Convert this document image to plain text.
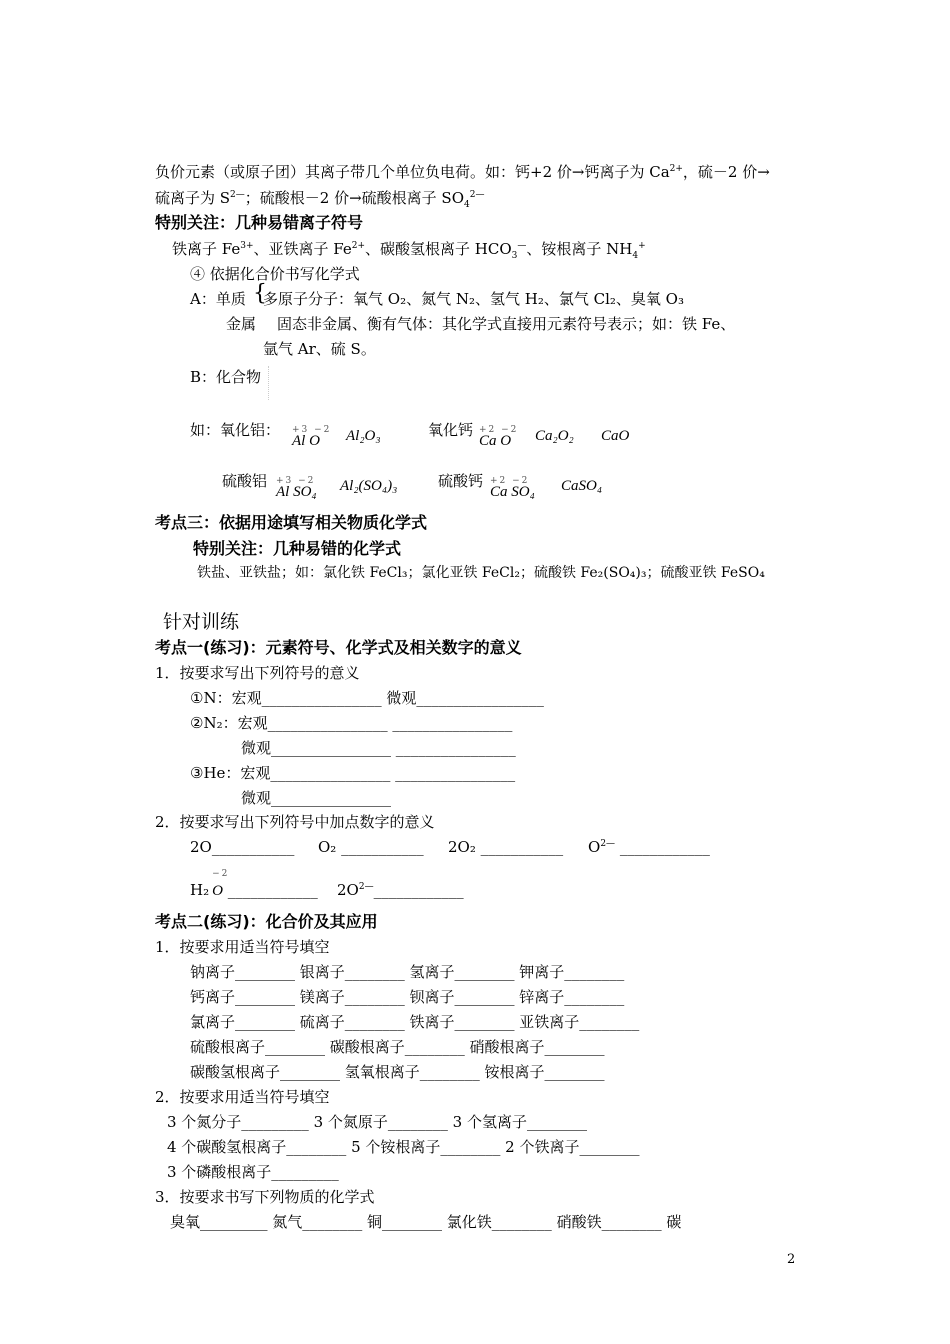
负价元素（或原子团）其离子带几个单位负电荷。如：钙+2 价→钙离子为 $Ca^{2+}$，硫－2 价→
硫离子为 $S^{2—}$；硫酸根－2 价→硫酸根离子 $SO_4^{2—}$
特别关注：几种易错离子符号
铁离子 $Fe^{3+}$、亚铁离子 $Fe^{2+}$、碳酸氢根离子 $HCO_3^—$、铵根离子 $NH_4^+$
④ 依据化合价书写化学式
A：单质 {
多原子分子：氧气 O₂、氮气 N₂、氢气 H₂、氯气 Cl₂、臭氧 O₃
金属 固态非金属、衡有气体：其化学式直接用元素符号表示；如：铁 Fe、
氩气 Ar、硫 S。
B：化合物
如：氧化铝： +3 −2
Al O Al₂O₃	氧化钙 +2 −2
Ca O Ca₂O₂ CaO
硫酸铝 +3 −2
Al SO₄ Al₂(SO₄)₃	硫酸钙 +2 −2
Ca SO₄ CaSO₄
考点三：依据用途填写相关物质化学式
特别关注：几种易错的化学式
铁盐、亚铁盐；如：氯化铁 FeCl₃；氯化亚铁 FeCl₂；硫酸铁 Fe₂(SO₄)₃；硫酸亚铁 FeSO₄
针对训练
考点一(练习)：元素符号、化学式及相关数字的意义
1．按要求写出下列符号的意义
①N：宏观________________ 微观_________________
②N₂：宏观________________ ________________
微观________________ ________________
③He：宏观________________ ________________
微观________________
2．按要求写出下列符号中加点数字的意义
2O___________ O₂ ___________ 2O₂ ___________ $O^{2—}$ ____________
H₂
−2
O ____________ $2O^{2—}\_\_\_\_\_\_\_\_\_\_\_\_$
考点二(练习)：化合价及其应用
1．按要求用适当符号填空
钠离子________ 银离子________ 氢离子________ 钾离子________
钙离子________ 镁离子________ 钡离子________ 锌离子________
氯离子________ 硫离子________ 铁离子________ 亚铁离子________
硫酸根离子________ 碳酸根离子________ 硝酸根离子________
碳酸氢根离子________ 氢氧根离子________ 铵根离子________
2．按要求用适当符号填空
3 个氮分子_________ 3 个氮原子________ 3 个氢离子________
4 个碳酸氢根离子________ 5 个铵根离子________ 2 个铁离子________
3 个磷酸根离子_________
3．按要求书写下列物质的化学式
臭氧_________ 氮气________ 铜________ 氯化铁________ 硝酸铁________ 碳
2
